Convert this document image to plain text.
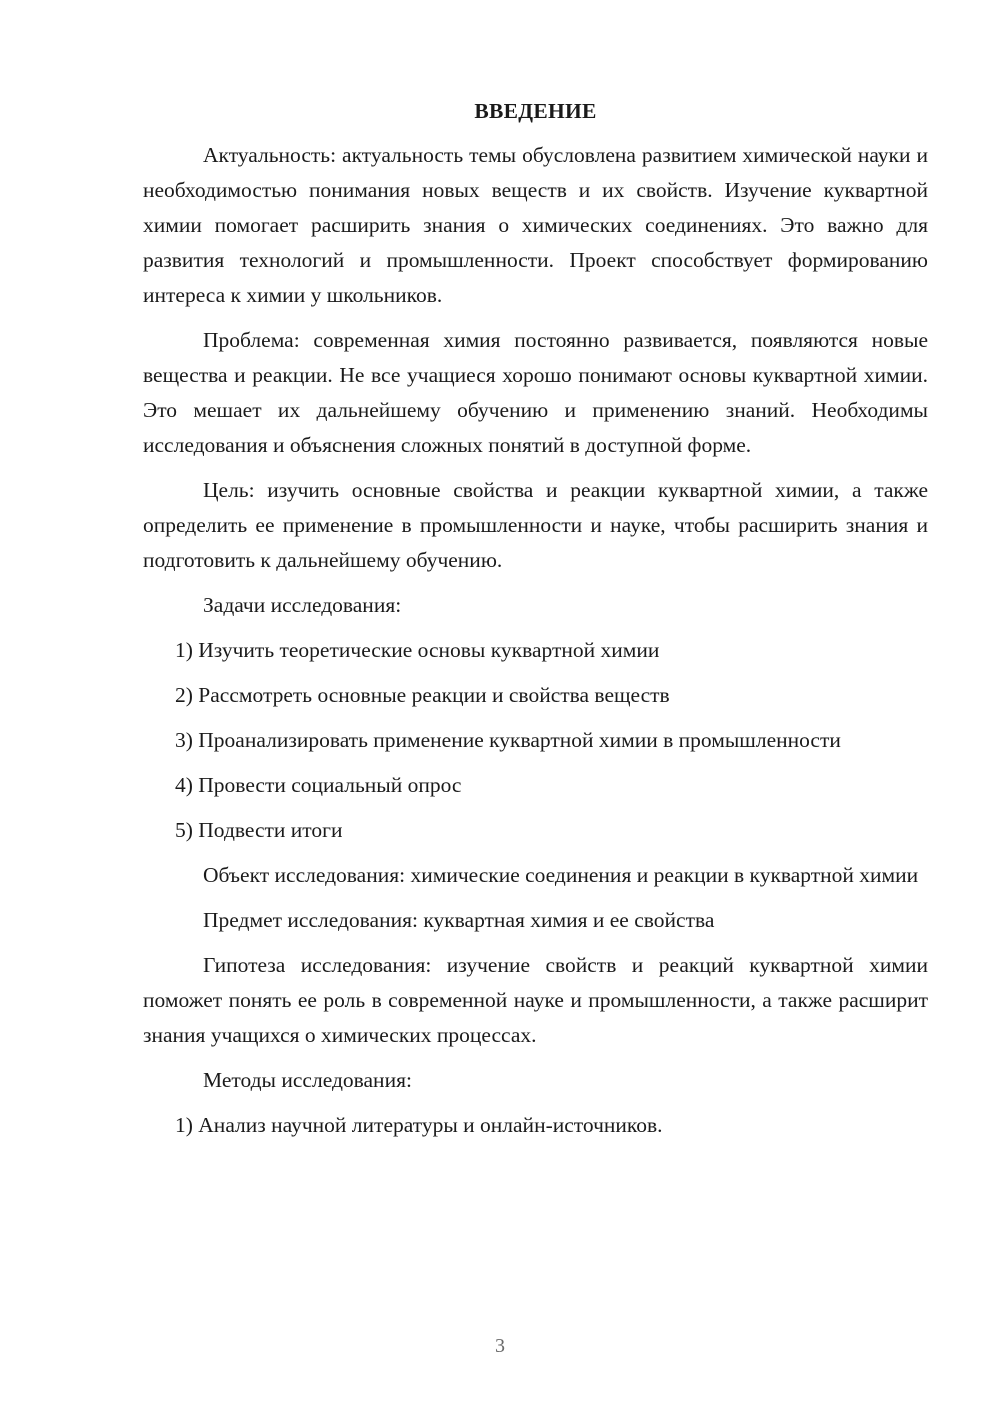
ВВЕДЕНИЕ

Актуальность: актуальность темы обусловлена развитием химической науки и необходимостью понимания новых веществ и их свойств. Изучение куквартной химии помогает расширить знания о химических соединениях. Это важно для развития технологий и промышленности. Проект способствует формированию интереса к химии у школьников.

Проблема: современная химия постоянно развивается, появляются новые вещества и реакции. Не все учащиеся хорошо понимают основы куквартной химии. Это мешает их дальнейшему обучению и применению знаний. Необходимы исследования и объяснения сложных понятий в доступной форме.

Цель: изучить основные свойства и реакции куквартной химии, а также определить ее применение в промышленности и науке, чтобы расширить знания и подготовить к дальнейшему обучению.

Задачи исследования:

1) Изучить теоретические основы куквартной химии

2) Рассмотреть основные реакции и свойства веществ

3) Проанализировать применение куквартной химии в промышленности

4) Провести социальный опрос

5) Подвести итоги

Объект исследования: химические соединения и реакции в куквартной химии

Предмет исследования: куквартная химия и ее свойства

Гипотеза исследования: изучение свойств и реакций куквартной химии поможет понять ее роль в современной науке и промышленности, а также расширит знания учащихся о химических процессах.

Методы исследования:

1) Анализ научной литературы и онлайн-источников.

3
